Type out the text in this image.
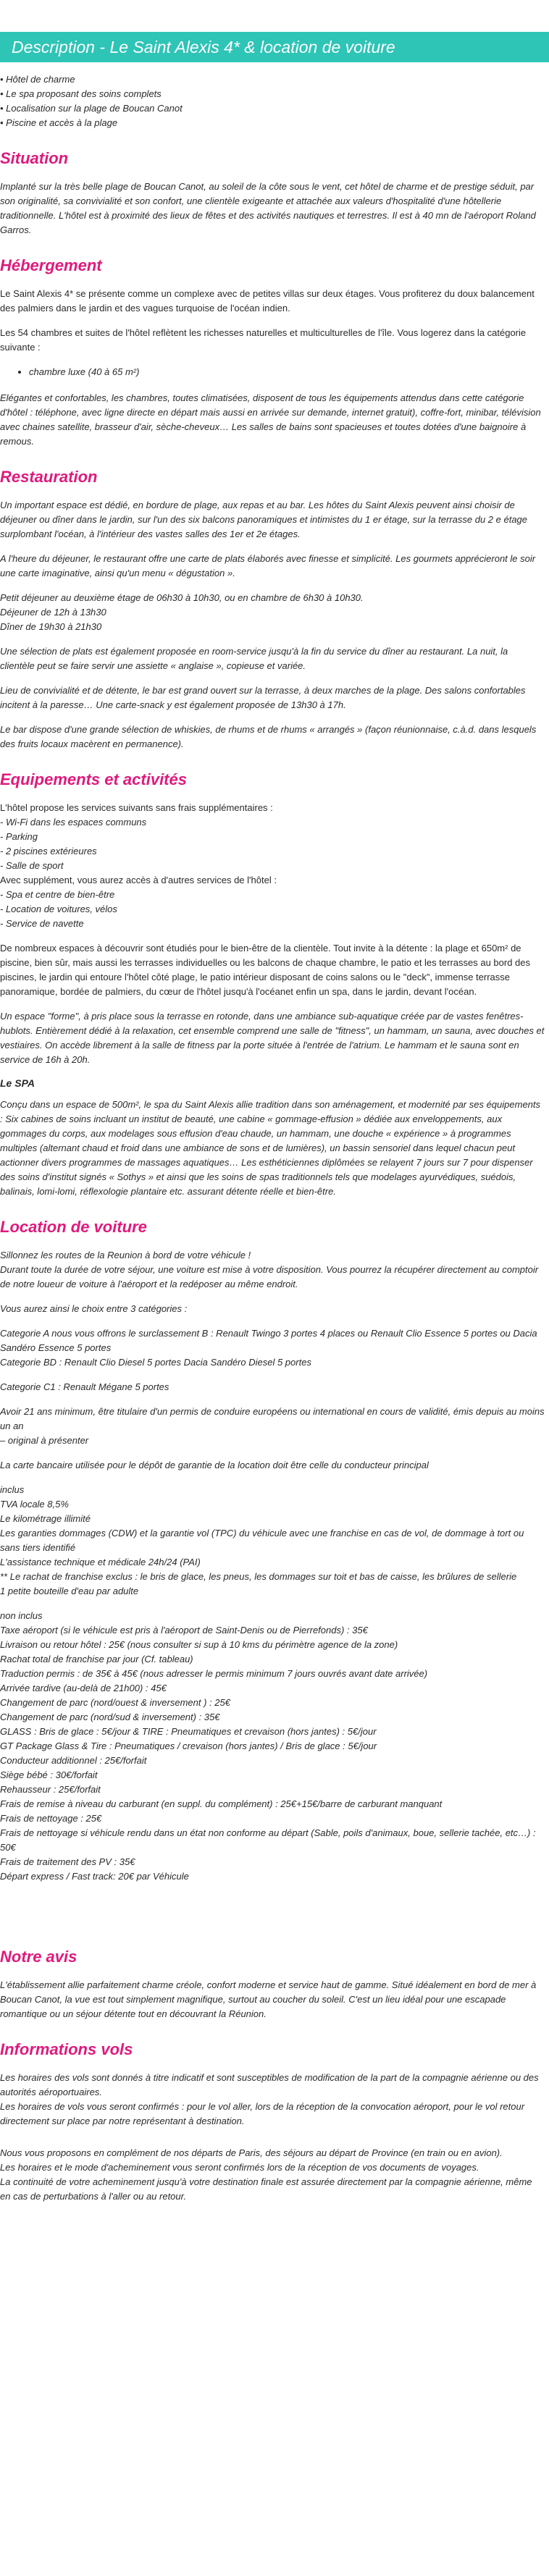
Description - Le Saint Alexis 4* & location de voiture
• Hôtel de charme
• Le spa proposant des soins complets
• Localisation sur la plage de Boucan Canot
• Piscine et accès à la plage
Situation

Implanté sur la très belle plage de Boucan Canot, au soleil de la côte sous le vent, cet hôtel de charme et de prestige séduit, par son originalité, sa convivialité et son confort, une clientèle exigeante et attachée aux valeurs d'hospitalité d'une hôtellerie traditionnelle. L'hôtel est à proximité des lieux de fêtes et des activités nautiques et terrestres. Il est à 40 mn de l'aéroport Roland Garros.

Hébergement

Le Saint Alexis 4* se présente comme un complexe avec de petites villas sur deux étages. Vous profiterez du doux balancement des palmiers dans le jardin et des vagues turquoise de l'océan indien.

Les 54 chambres et suites de l'hôtel reflètent les richesses naturelles et multiculturelles de l'île. Vous logerez dans la catégorie suivante :

• chambre luxe (40 à 65 m²)

Elégantes et confortables, les chambres, toutes climatisées, disposent de tous les équipements attendus dans cette catégorie d'hôtel : téléphone, avec ligne directe en départ mais aussi en arrivée sur demande, internet gratuit), coffre-fort, minibar, télévision avec chaines satellite, brasseur d'air, sèche-cheveux… Les salles de bains sont spacieuses et toutes dotées d'une baignoire à remous.

Restauration

Un important espace est dédié, en bordure de plage, aux repas et au bar. Les hôtes du Saint Alexis peuvent ainsi choisir de déjeuner ou dîner dans le jardin, sur l'un des six balcons panoramiques et intimistes du 1 er étage, sur la terrasse du 2 e étage surplombant l'océan, à l'intérieur des vastes salles des 1er et 2e étages.

A l'heure du déjeuner, le restaurant offre une carte de plats élaborés avec finesse et simplicité. Les gourmets apprécieront le soir une carte imaginative, ainsi qu'un menu « dégustation ».

Petit déjeuner au deuxième étage de 06h30 à 10h30, ou en chambre de 6h30 à 10h30.
Déjeuner de 12h à 13h30
Dîner de 19h30 à 21h30

Une sélection de plats est également proposée en room-service jusqu'à la fin du service du dîner au restaurant. La nuit, la clientèle peut se faire servir une assiette « anglaise », copieuse et variée.

Lieu de convivialité et de détente, le bar est grand ouvert sur la terrasse, à deux marches de la plage. Des salons confortables incitent à la paresse… Une carte-snack y est également proposée de 13h30 à 17h.

Le bar dispose d'une grande sélection de whiskies, de rhums et de rhums « arrangés » (façon réunionnaise, c.à.d. dans lesquels des fruits locaux macèrent en permanence).

Equipements et activités
L'hôtel propose les services suivants sans frais supplémentaires :
- Wi-Fi dans les espaces communs
- Parking
- 2 piscines extérieures
- Salle de sport
Avec supplément, vous aurez accès à d'autres services de l'hôtel :
- Spa et centre de bien-être
- Location de voitures, vélos
- Service de navette

De nombreux espaces à découvrir sont étudiés pour le bien-être de la clientèle. Tout invite à la détente : la plage et 650m² de piscine, bien sûr, mais aussi les terrasses individuelles ou les balcons de chaque chambre, le patio et les terrasses au bord des piscines, le jardin qui entoure l'hôtel côté plage, le patio intérieur disposant de coins salons ou le "deck", immense terrasse panoramique, bordée de palmiers, du cœur de l'hôtel jusqu'à l'océanet enfin un spa, dans le jardin, devant l'océan.

Un espace "forme", à pris place sous la terrasse en rotonde, dans une ambiance sub-aquatique créée par de vastes fenêtres-hublots. Entièrement dédié à la relaxation, cet ensemble comprend une salle de "fitness", un hammam, un sauna, avec douches et vestiaires. On accède librement à la salle de fitness par la porte située à l'entrée de l'atrium. Le hammam et le sauna sont en service de 16h à 20h.

Le SPA

Conçu dans un espace de 500m², le spa du Saint Alexis allie tradition dans son aménagement, et modernité par ses équipements : Six cabines de soins incluant un institut de beauté, une cabine « gommage-effusion » dédiée aux enveloppements, aux gommages du corps, aux modelages sous effusion d'eau chaude, un hammam, une douche « expérience » à programmes multiples (alternant chaud et froid dans une ambiance de sons et de lumières), un bassin sensoriel dans lequel chacun peut actionner divers programmes de massages aquatiques… Les esthéticiennes diplômées se relayent 7 jours sur 7 pour dispenser des soins d'institut signés « Sothys » et ainsi que les soins de spas traditionnels tels que modelages ayurvédiques, suédois, balinais, lomi-lomi, réflexologie plantaire etc. assurant détente réelle et bien-être.

Location de voiture

Sillonnez les routes de la Reunion à bord de votre véhicule !
Durant toute la durée de votre séjour, une voiture est mise à votre disposition. Vous pourrez la récupérer directement au comptoir de notre loueur de voiture à l'aéroport et la redéposer au même endroit.

Vous aurez ainsi le choix entre 3 catégories :

Categorie A nous vous offrons le surclassement B : Renault Twingo 3 portes 4 places ou Renault Clio Essence 5 portes ou Dacia Sandéro Essence 5 portes
Categorie BD : Renault Clio Diesel 5 portes Dacia Sandéro Diesel 5 portes

Categorie C1 : Renault Mégane 5 portes

Avoir 21 ans minimum, être titulaire d'un permis de conduire européens ou international en cours de validité, émis depuis au moins un an
– original à présenter

La carte bancaire utilisée pour le dépôt de garantie de la location doit être celle du conducteur principal

inclus
TVA locale 8,5%
Le kilométrage illimité
Les garanties dommages (CDW) et la garantie vol (TPC) du véhicule avec une franchise en cas de vol, de dommage à tort ou sans tiers identifié
L'assistance technique et médicale 24h/24 (PAI)
** Le rachat de franchise exclus : le bris de glace, les pneus, les dommages sur toit et bas de caisse, les brûlures de sellerie
1 petite bouteille d'eau par adulte

non inclus
Taxe aéroport (si le véhicule est pris à l'aéroport de Saint-Denis ou de Pierrefonds) : 35€
Livraison ou retour hôtel : 25€ (nous consulter si sup à 10 kms du périmètre agence de la zone)
Rachat total de franchise par jour (Cf. tableau)
Traduction permis : de 35€ à 45€ (nous adresser le permis minimum 7 jours ouvrés avant date arrivée)
Arrivée tardive (au-delà de 21h00) : 45€
Changement de parc (nord/ouest & inversement ) : 25€
Changement de parc (nord/sud & inversement) : 35€
GLASS : Bris de glace : 5€/jour & TIRE : Pneumatiques et crevaison (hors jantes) : 5€/jour
GT Package Glass & Tire : Pneumatiques / crevaison (hors jantes) / Bris de glace : 5€/jour
Conducteur additionnel : 25€/forfait
Siège bébé : 30€/forfait
Rehausseur : 25€/forfait
Frais de remise à niveau du carburant (en suppl. du complément) : 25€+15€/barre de carburant manquant
Frais de nettoyage : 25€
Frais de nettoyage si véhicule rendu dans un état non conforme au départ (Sable, poils d'animaux, boue, sellerie tachée, etc…) : 50€
Frais de traitement des PV : 35€
Départ express / Fast track: 20€ par Véhicule

Notre avis

L'établissement allie parfaitement charme créole, confort moderne et service haut de gamme. Situé idéalement en bord de mer à Boucan Canot, la vue est tout simplement magnifique, surtout au coucher du soleil. C'est un lieu idéal pour une escapade romantique ou un séjour détente tout en découvrant la Réunion.

Informations vols

Les horaires des vols sont donnés à titre indicatif et sont susceptibles de modification de la part de la compagnie aérienne ou des autorités aéroportuaires.
Les horaires de vols vous seront confirmés : pour le vol aller, lors de la réception de la convocation aéroport, pour le vol retour directement sur place par notre représentant à destination.

Nous vous proposons en complément de nos départs de Paris, des séjours au départ de Province (en train ou en avion).
Les horaires et le mode d'acheminement vous seront confirmés lors de la réception de vos documents de voyages.
La continuité de votre acheminement jusqu'à votre destination finale est assurée directement par la compagnie aérienne, même en cas de perturbations à l'aller ou au retour.
